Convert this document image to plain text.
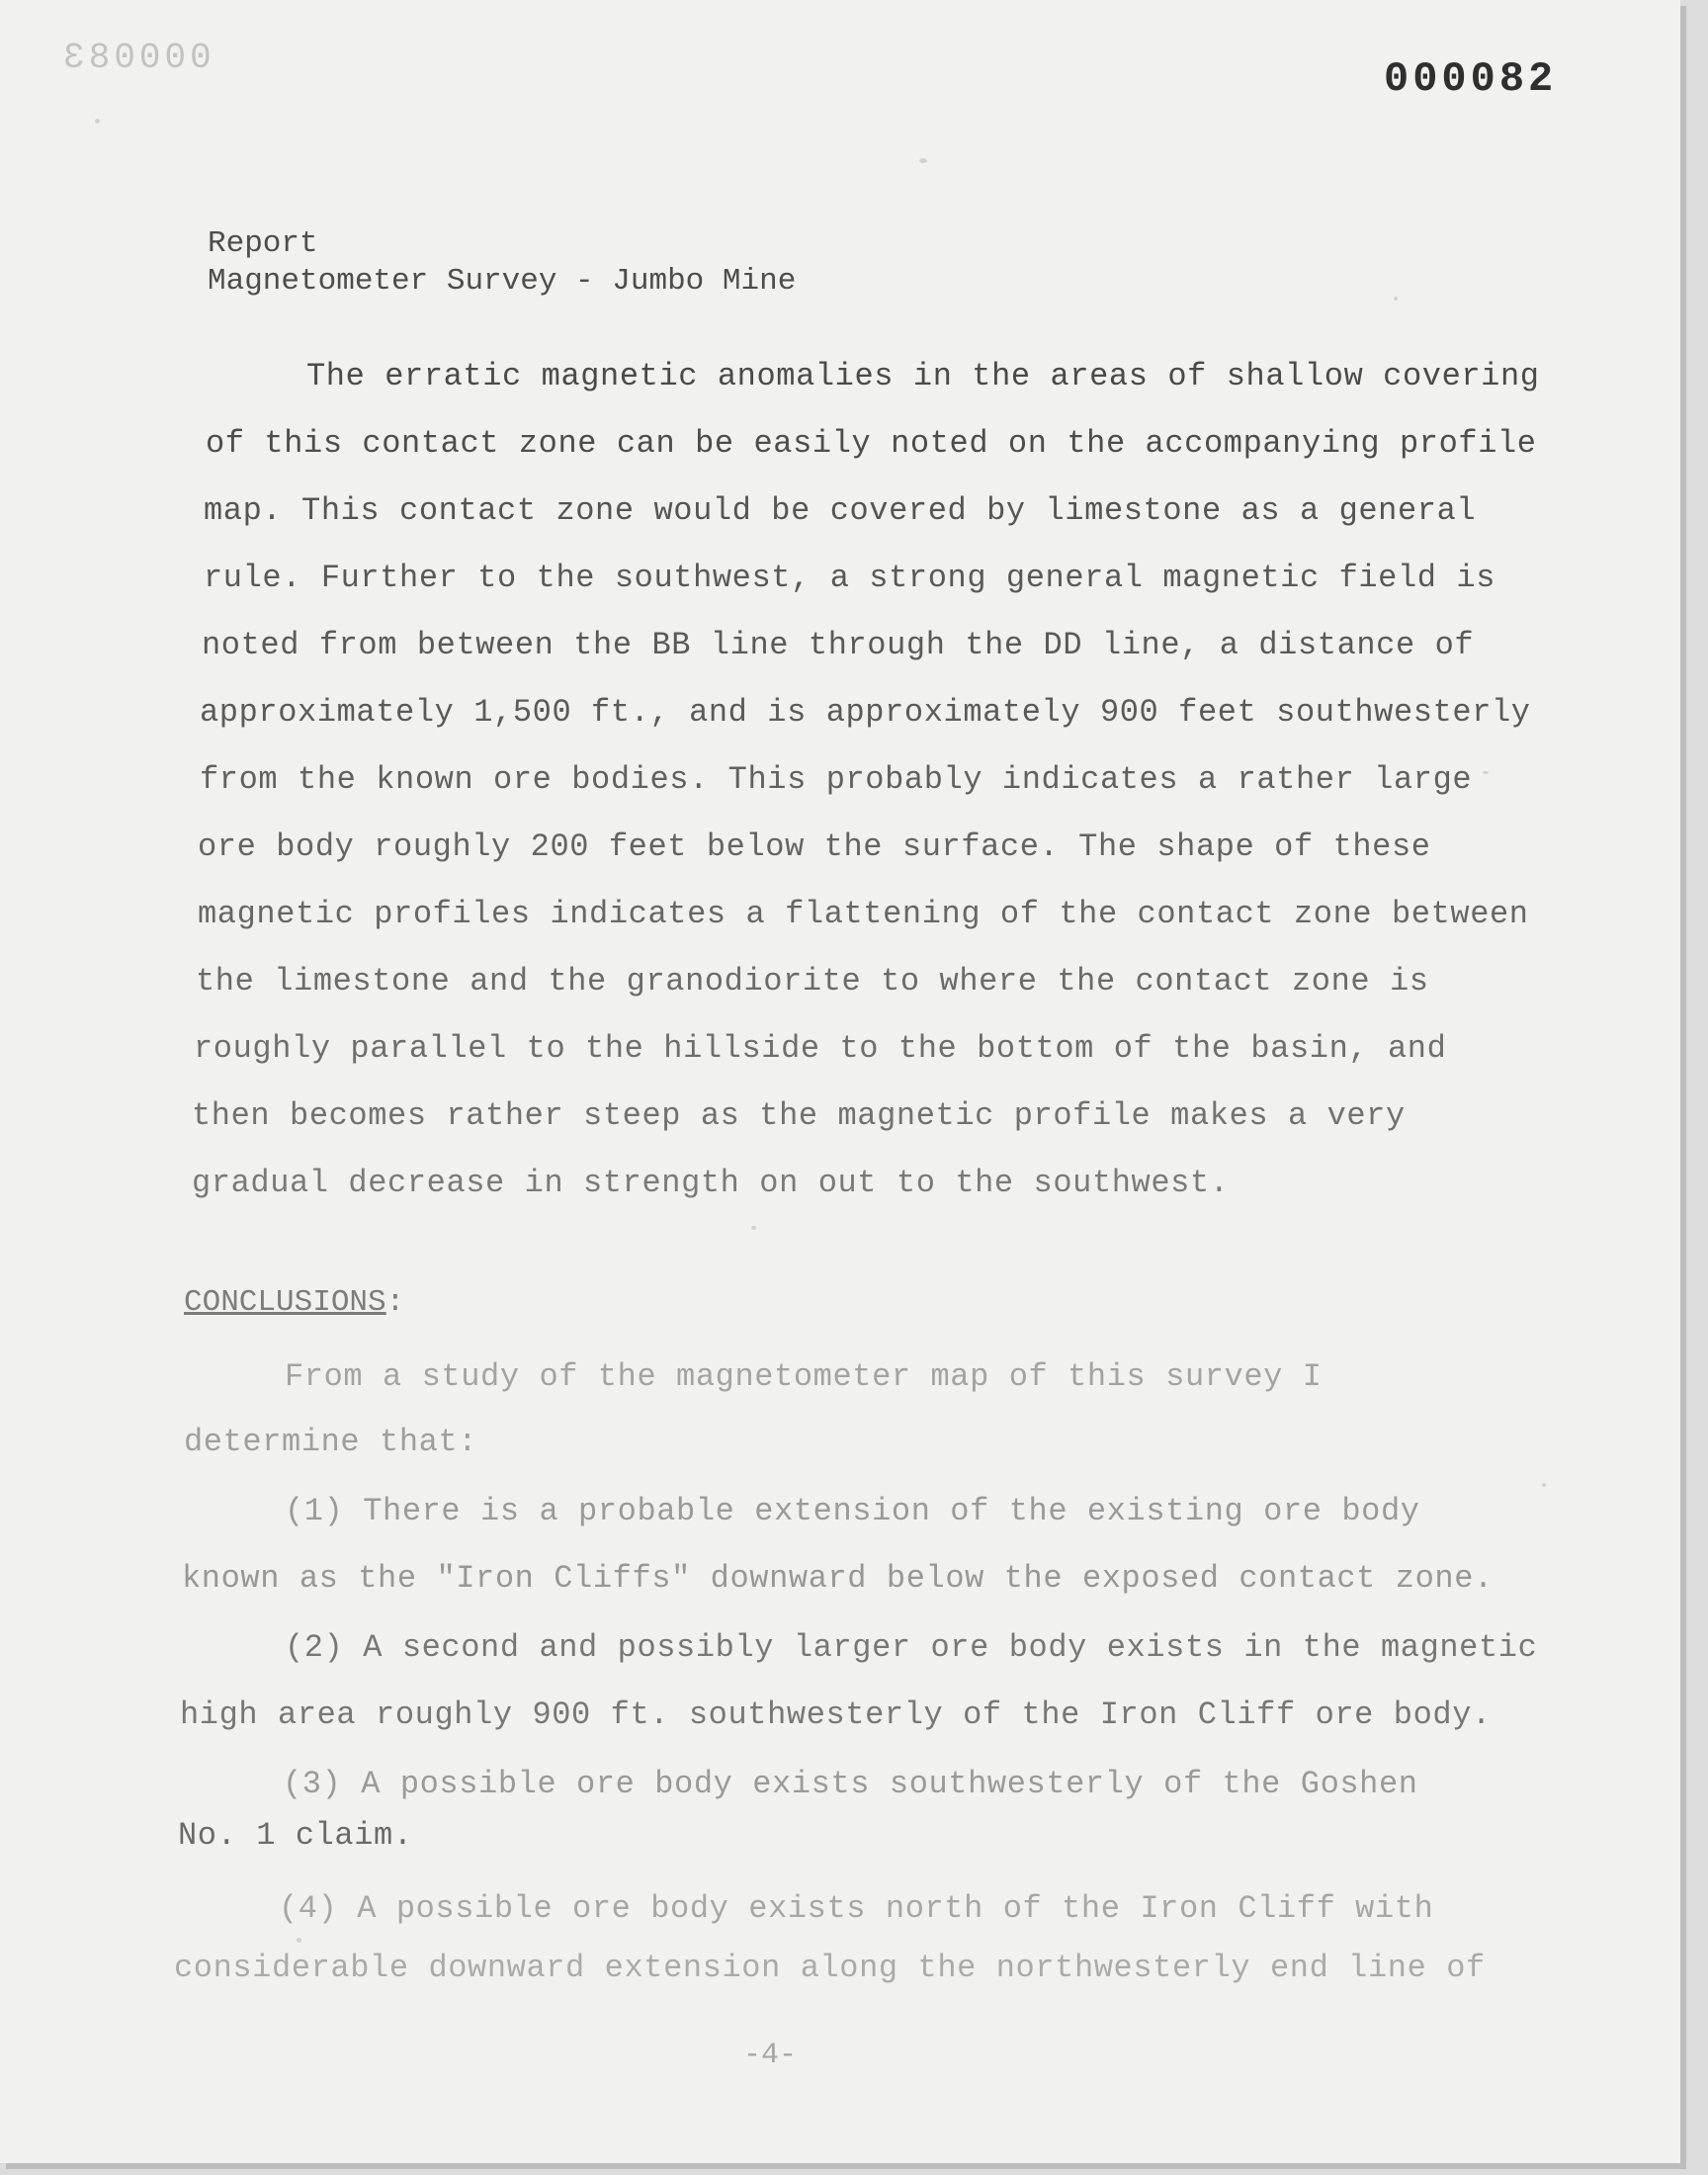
000083	000082
Report
Magnetometer Survey - Jumbo Mine
The erratic magnetic anomalies in the areas of shallow covering
of this contact zone can be easily noted on the accompanying profile
map. This contact zone would be covered by limestone as a general
rule. Further to the southwest, a strong general magnetic field is
noted from between the BB line through the DD line, a distance of
approximately 1,500 ft., and is approximately 900 feet southwesterly
from the known ore bodies. This probably indicates a rather large
ore body roughly 200 feet below the surface. The shape of these
magnetic profiles indicates a flattening of the contact zone between
the limestone and the granodiorite to where the contact zone is
roughly parallel to the hillside to the bottom of the basin, and
then becomes rather steep as the magnetic profile makes a very
gradual decrease in strength on out to the southwest.
CONCLUSIONS:
From a study of the magnetometer map of this survey I
determine that:
(1) There is a probable extension of the existing ore body
known as the "Iron Cliffs" downward below the exposed contact zone.
(2) A second and possibly larger ore body exists in the magnetic
high area roughly 900 ft. southwesterly of the Iron Cliff ore body.
(3) A possible ore body exists southwesterly of the Goshen
No. 1 claim.
(4) A possible ore body exists north of the Iron Cliff with
considerable downward extension along the northwesterly end line of
-4-
